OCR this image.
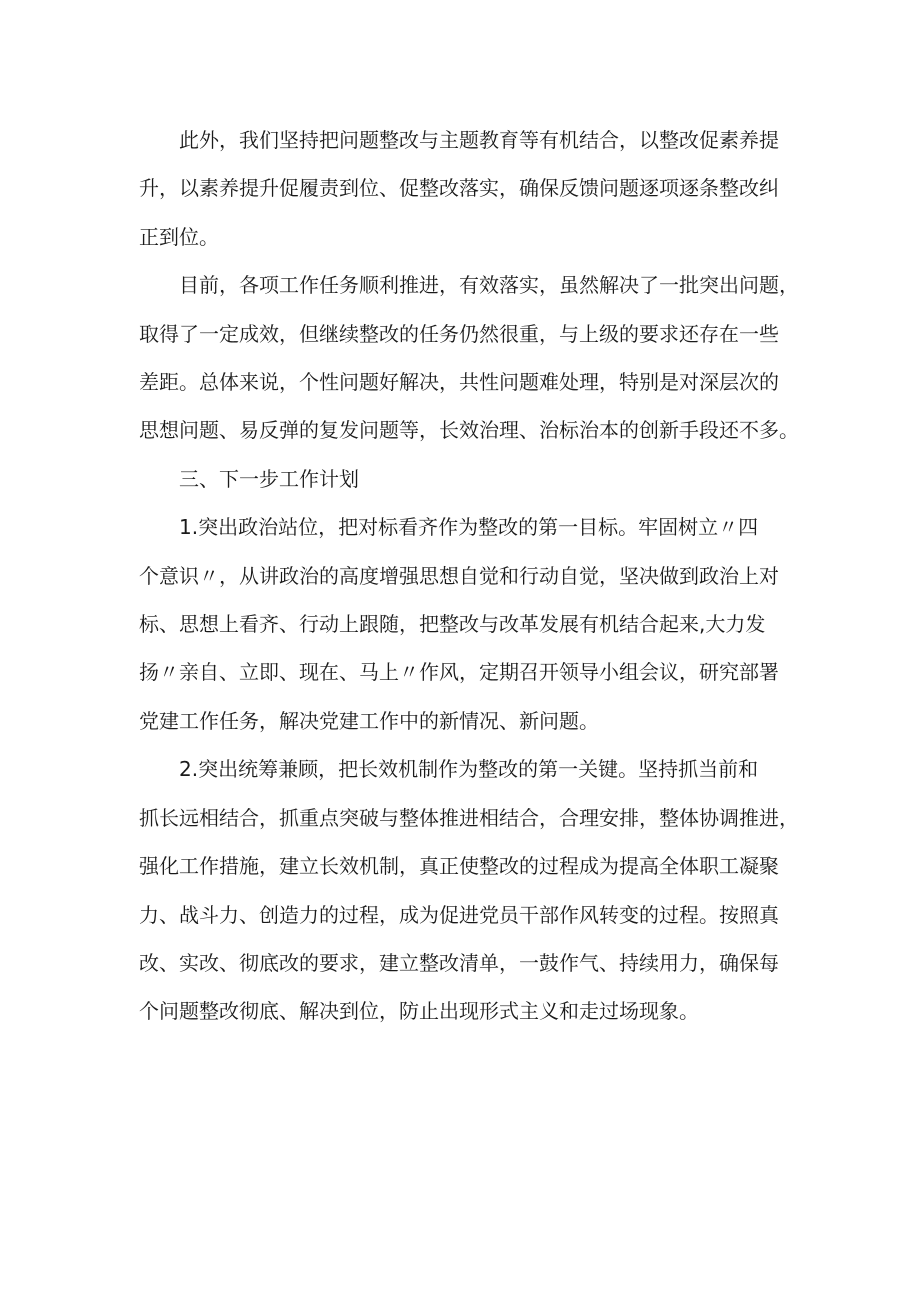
此外，我们坚持把问题整改与主题教育等有机结合，以整改促素养提
升，以素养提升促履责到位、促整改落实，确保反馈问题逐项逐条整改纠
正到位。

目前，各项工作任务顺利推进，有效落实，虽然解决了一批突出问题，
取得了一定成效，但继续整改的任务仍然很重，与上级的要求还存在一些
差距。总体来说，个性问题好解决，共性问题难处理，特别是对深层次的
思想问题、易反弹的复发问题等，长效治理、治标治本的创新手段还不多。

三、下一步工作计划

1.突出政治站位，把对标看齐作为整改的第一目标。牢固树立〃四
个意识〃，从讲政治的高度增强思想自觉和行动自觉，坚决做到政治上对
标、思想上看齐、行动上跟随，把整改与改革发展有机结合起来,大力发
扬〃亲自、立即、现在、马上〃作风，定期召开领导小组会议，研究部署
党建工作任务，解决党建工作中的新情况、新问题。

2.突出统筹兼顾，把长效机制作为整改的第一关键。坚持抓当前和
抓长远相结合，抓重点突破与整体推进相结合，合理安排，整体协调推进，
强化工作措施，建立长效机制，真正使整改的过程成为提高全体职工凝聚
力、战斗力、创造力的过程，成为促进党员干部作风转变的过程。按照真
改、实改、彻底改的要求，建立整改清单，一鼓作气、持续用力，确保每
个问题整改彻底、解决到位，防止出现形式主义和走过场现象。
